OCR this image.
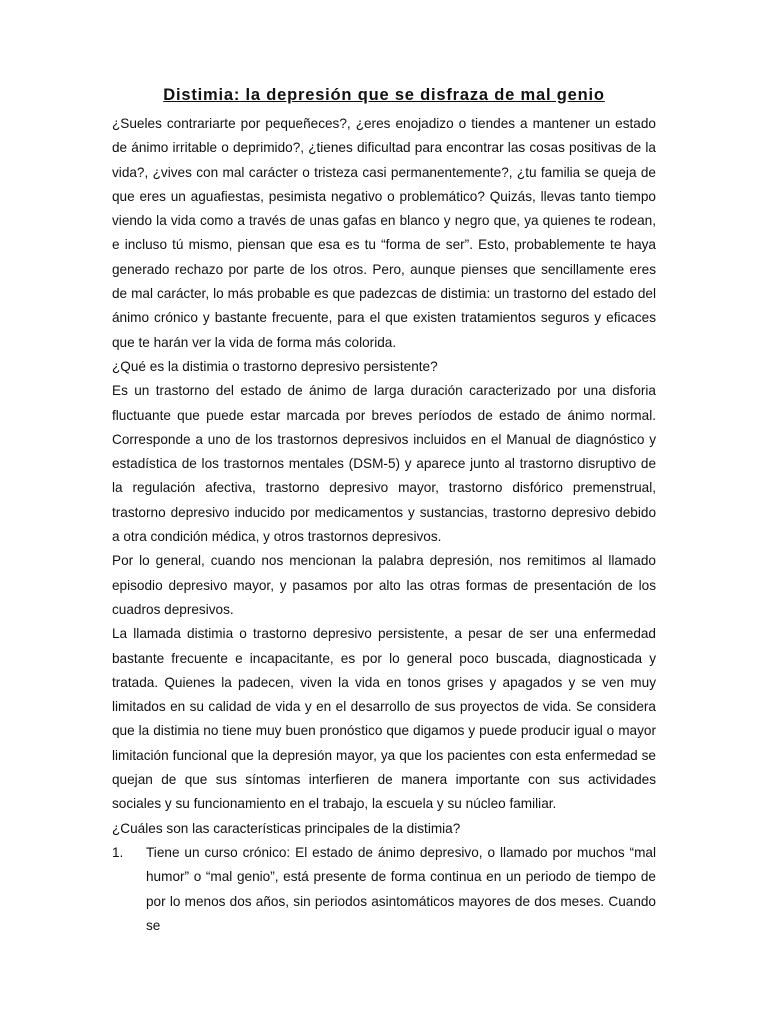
Distimia: la depresión que se disfraza de mal genio

¿Sueles contrariarte por pequeñeces?, ¿eres enojadizo o tiendes a mantener un estado de ánimo irritable o deprimido?, ¿tienes dificultad para encontrar las cosas positivas de la vida?, ¿vives con mal carácter o tristeza casi permanentemente?, ¿tu familia se queja de que eres un aguafiestas, pesimista negativo o problemático? Quizás, llevas tanto tiempo viendo la vida como a través de unas gafas en blanco y negro que, ya quienes te rodean, e incluso tú mismo, piensan que esa es tu “forma de ser”. Esto, probablemente te haya generado rechazo por parte de los otros. Pero, aunque pienses que sencillamente eres de mal carácter, lo más probable es que padezcas de distimia: un trastorno del estado del ánimo crónico y bastante frecuente, para el que existen tratamientos seguros y eficaces que te harán ver la vida de forma más colorida.

¿Qué es la distimia o trastorno depresivo persistente?

Es un trastorno del estado de ánimo de larga duración caracterizado por una disforia fluctuante que puede estar marcada por breves períodos de estado de ánimo normal. Corresponde a uno de los trastornos depresivos incluidos en el Manual de diagnóstico y estadística de los trastornos mentales (DSM-5) y aparece junto al trastorno disruptivo de la regulación afectiva, trastorno depresivo mayor, trastorno disfórico premenstrual, trastorno depresivo inducido por medicamentos y sustancias, trastorno depresivo debido a otra condición médica, y otros trastornos depresivos.

Por lo general, cuando nos mencionan la palabra depresión, nos remitimos al llamado episodio depresivo mayor, y pasamos por alto las otras formas de presentación de los cuadros depresivos.

La llamada distimia o trastorno depresivo persistente, a pesar de ser una enfermedad bastante frecuente e incapacitante, es por lo general poco buscada, diagnosticada y tratada. Quienes la padecen, viven la vida en tonos grises y apagados y se ven muy limitados en su calidad de vida y en el desarrollo de sus proyectos de vida. Se considera que la distimia no tiene muy buen pronóstico que digamos y puede producir igual o mayor limitación funcional que la depresión mayor, ya que los pacientes con esta enfermedad se quejan de que sus síntomas interfieren de manera importante con sus actividades sociales y su funcionamiento en el trabajo, la escuela y su núcleo familiar.

¿Cuáles son las características principales de la distimia?

1. Tiene un curso crónico: El estado de ánimo depresivo, o llamado por muchos “mal humor” o “mal genio”, está presente de forma continua en un periodo de tiempo de por lo menos dos años, sin periodos asintomáticos mayores de dos meses. Cuando se
